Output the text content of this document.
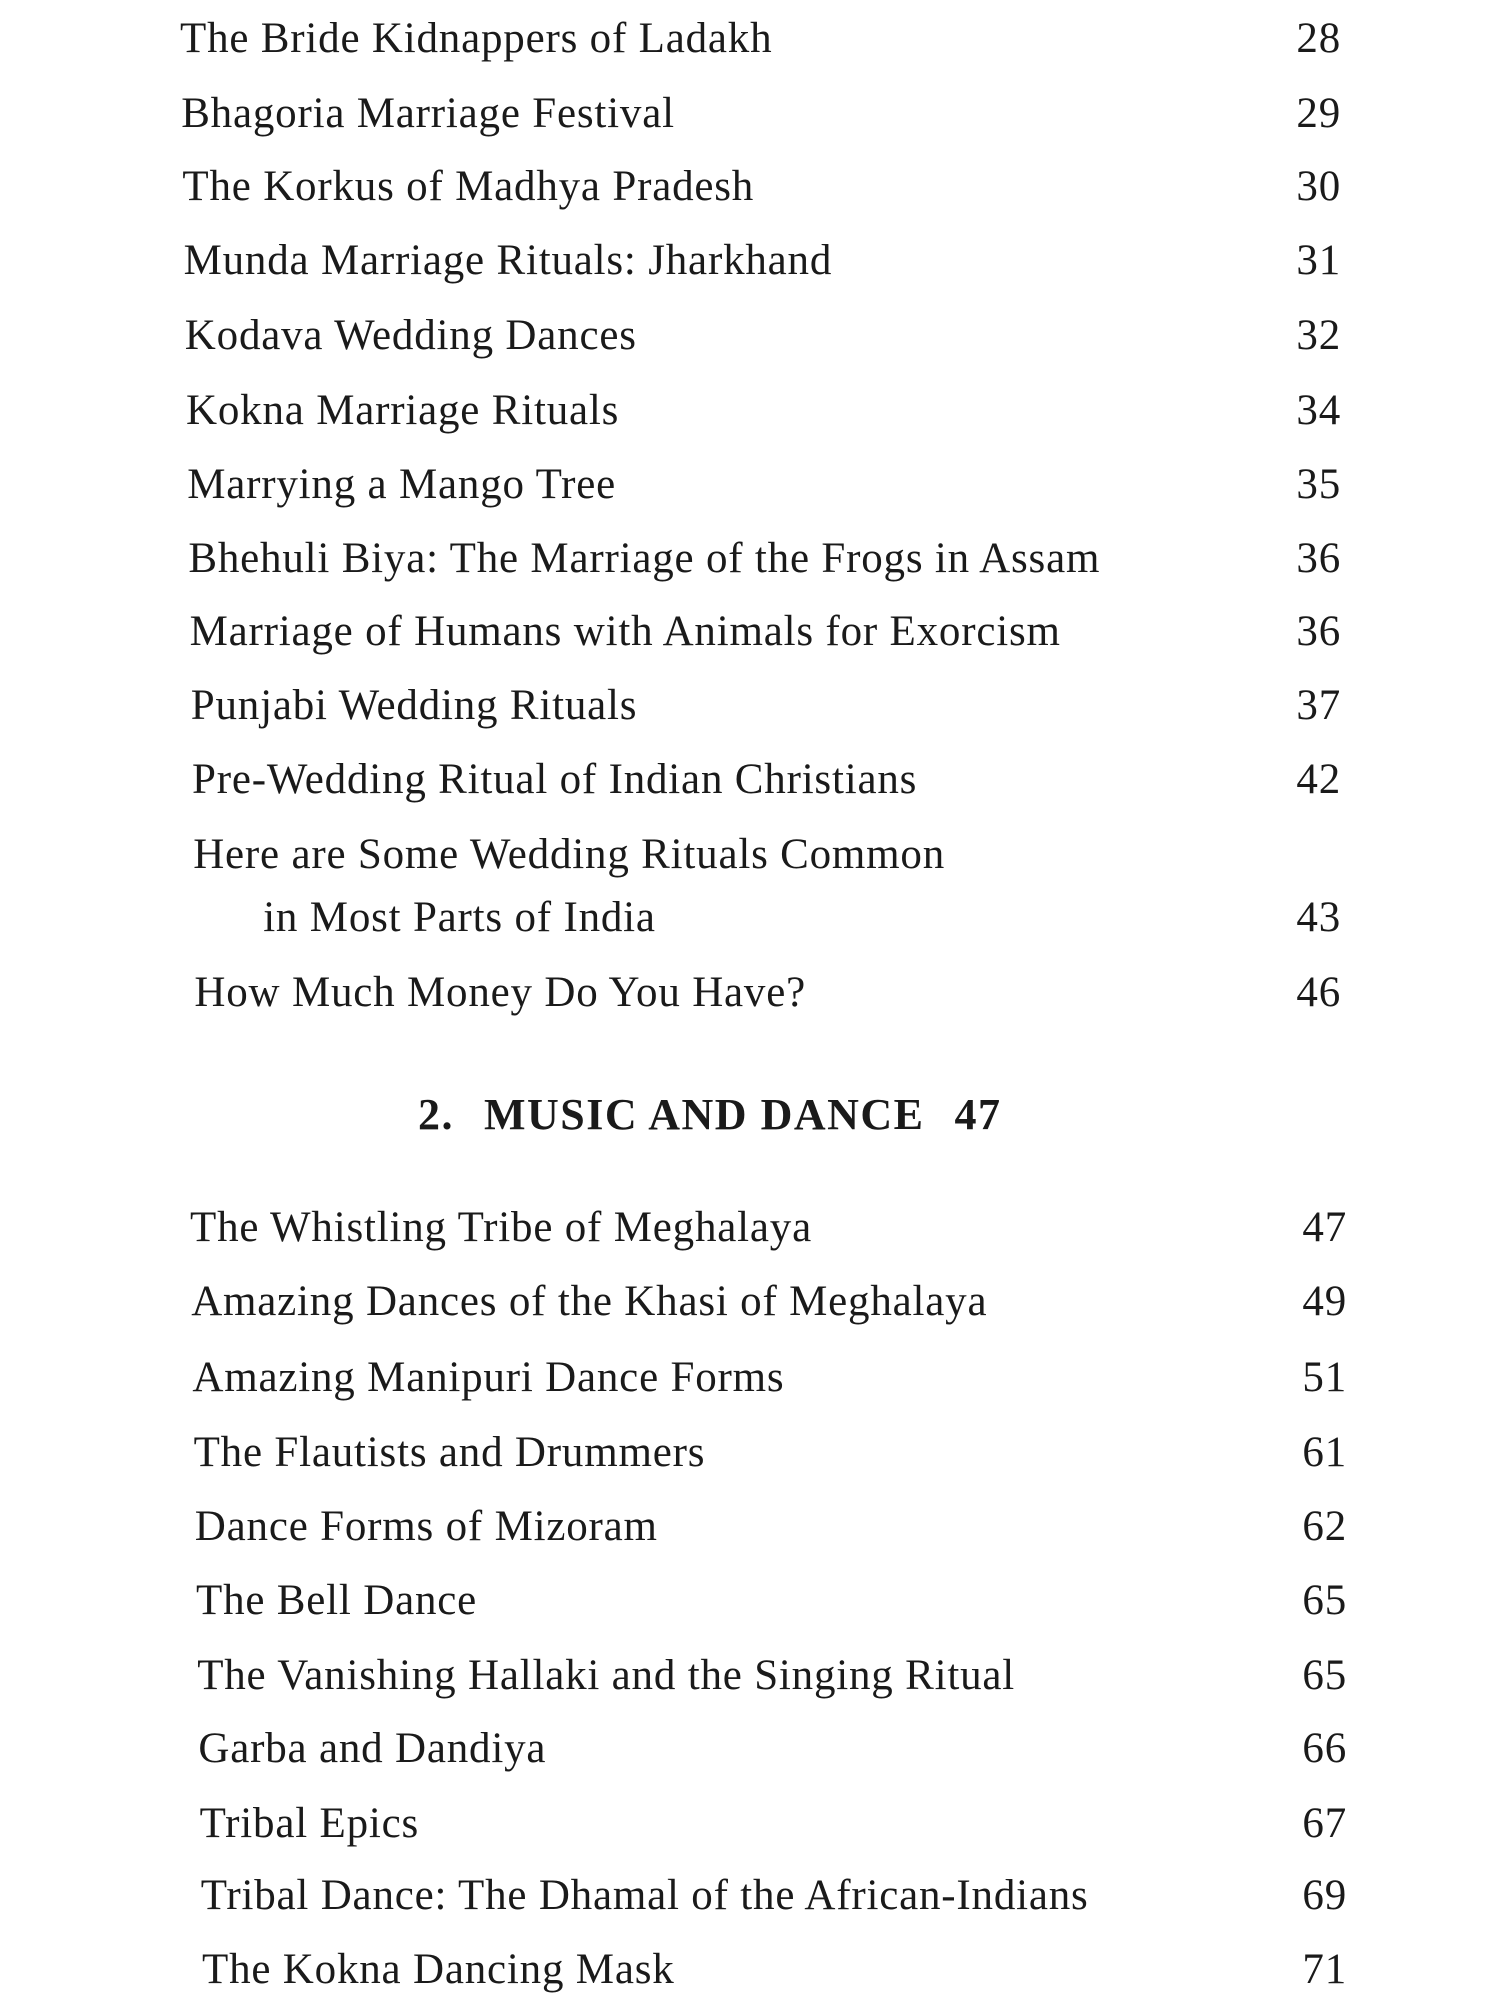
The Bride Kidnappers of Ladakh	28
Bhagoria Marriage Festival	29
The Korkus of Madhya Pradesh	30
Munda Marriage Rituals: Jharkhand	31
Kodava Wedding Dances	32
Kokna Marriage Rituals	34
Marrying a Mango Tree	35
Bhehuli Biya: The Marriage of the Frogs in Assam	36
Marriage of Humans with Animals for Exorcism	36
Punjabi Wedding Rituals	37
Pre-Wedding Ritual of Indian Christians	42
Here are Some Wedding Rituals Common
in Most Parts of India	43
How Much Money Do You Have?	46
The Whistling Tribe of Meghalaya	47
Amazing Dances of the Khasi of Meghalaya	49
Amazing Manipuri Dance Forms	51
The Flautists and Drummers	61
Dance Forms of Mizoram	62
The Bell Dance	65
The Vanishing Hallaki and the Singing Ritual	65
Garba and Dandiya	66
Tribal Epics	67
Tribal Dance: The Dhamal of the African-Indians	69
The Kokna Dancing Mask	71
2. MUSIC AND DANCE 47
